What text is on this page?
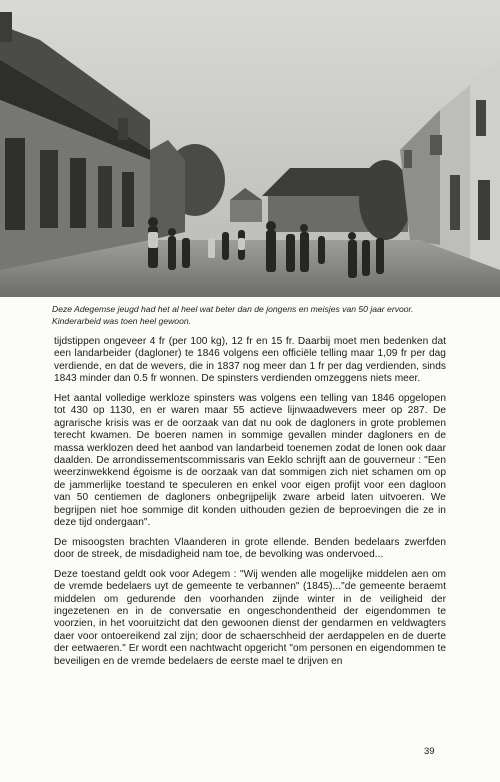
Deze Adegemse jeugd had het al heel wat beter dan de jongens en meisjes van 50 jaar ervoor. Kinderarbeid was toen heel gewoon.

tijdstippen ongeveer 4 fr (per 100 kg), 12 fr en 15 fr. Daarbij moet men bedenken dat een landarbeider (dagloner) te 1846 volgens een officiële telling maar 1,09 fr per dag verdiende, en dat de wevers, die in 1837 nog meer dan 1 fr per dag verdienden, sinds 1843 minder dan 0.5 fr wonnen. De spinsters verdienden omzeggens niets meer.

Het aantal volledige werkloze spinsters was volgens een telling van 1846 opgelopen tot 430 op 1130, en er waren maar 55 actieve lijnwaadwevers meer op 287. De agrarische krisis was er de oorzaak van dat nu ook de dagloners in grote problemen terecht kwamen. De boeren namen in sommige gevallen minder dagloners en de massa werklozen deed het aanbod van landarbeid toenemen zodat de lonen ook daar daalden. De arrondissementscommissaris van Eeklo schrijft aan de gouverneur : "Een weerzinwekkend égoisme is de oorzaak van dat sommigen zich niet schamen om op de jammerlijke toestand te speculeren en enkel voor eigen profijt voor een dagloon van 50 centiemen de dagloners onbegrijpelijk zware arbeid laten uitvoeren. We begrijpen niet hoe sommige dit konden uithouden gezien de beproevingen die ze in deze tijd ondergaan".

De misoogsten brachten Vlaanderen in grote ellende. Benden bedelaars zwerfden door de streek, de misdadigheid nam toe, de bevolking was ondervoed...

Deze toestand geldt ook voor Adegem : "Wij wenden alle mogelijke middelen aen om de vremde bedelaers uyt de gemeente te verbannen" (1845)..."de gemeente beraemt middelen om gedurende den voorhanden zijnde winter in de veiligheid der ingezetenen en in de conversatie en ongeschondentheid der eigendommen te voorzien, in het vooruitzicht dat den gewoonen dienst der gendarmen en veldwagters daer voor ontoereikend zal zijn; door de schaerschheid der aerdappelen en de duerte der eetwaeren." Er wordt een nachtwacht opgericht "om personen en eigendommen te beveiligen en de vremde bedelaers de eerste mael te drijven en

39
